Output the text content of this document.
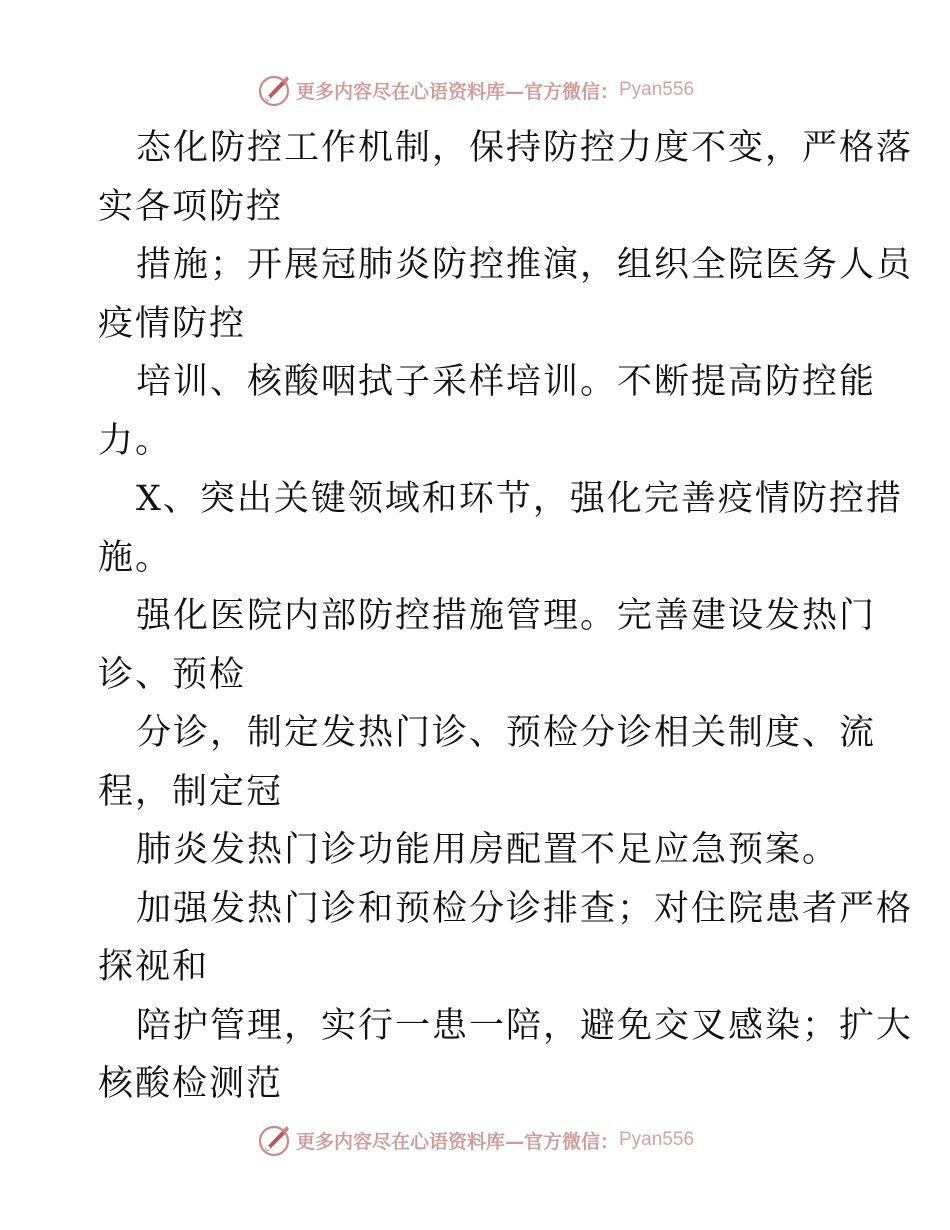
更多内容尽在心语资料库—官方微信： Pyan556
态化防控工作机制，保持防控力度不变，严格落
实各项防控
措施；开展冠肺炎防控推演，组织全院医务人员
疫情防控
培训、核酸咽拭子采样培训。不断提高防控能
力。
X、突出关键领域和环节，强化完善疫情防控措
施。
强化医院内部防控措施管理。完善建设发热门
诊、预检
分诊，制定发热门诊、预检分诊相关制度、流
程，制定冠
肺炎发热门诊功能用房配置不足应急预案。
加强发热门诊和预检分诊排查；对住院患者严格
探视和
陪护管理，实行一患一陪，避免交叉感染；扩大
核酸检测范
更多内容尽在心语资料库—官方微信： Pyan556
